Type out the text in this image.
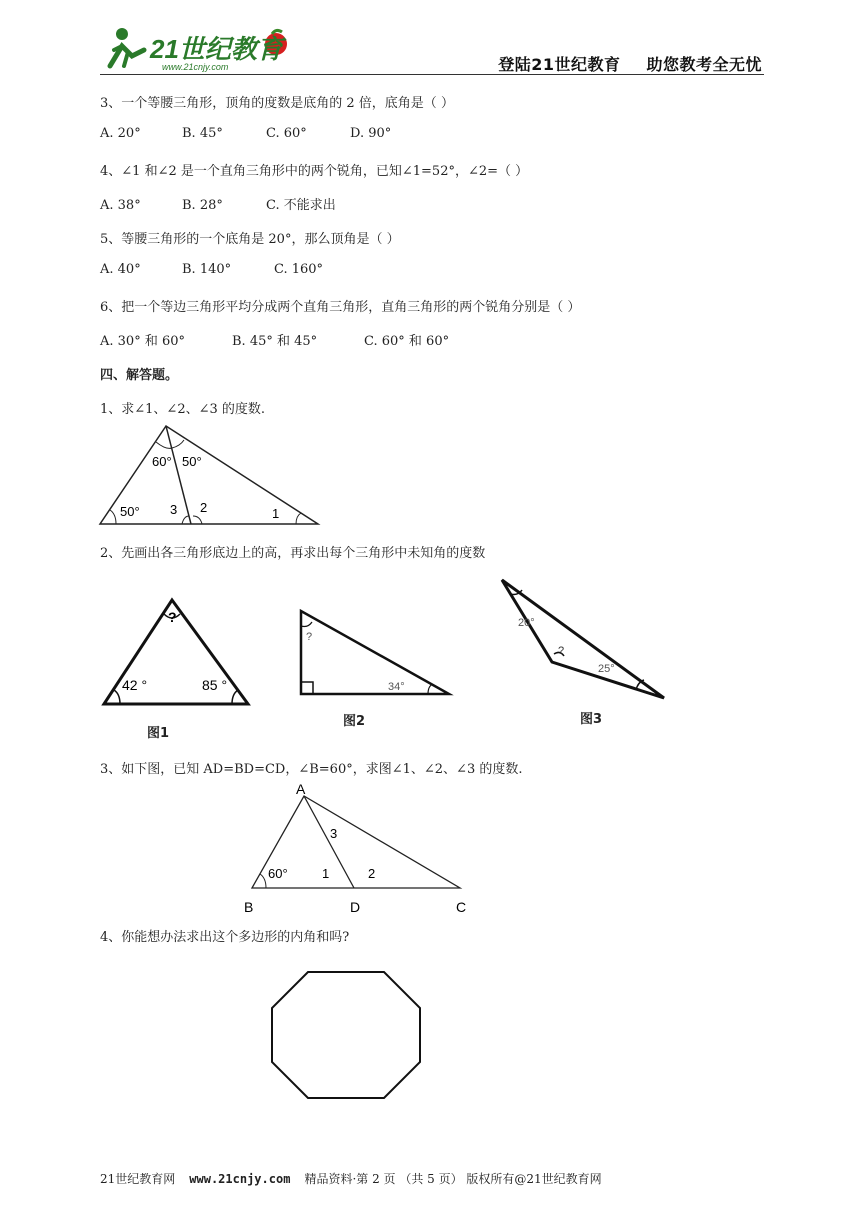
21世纪教育
www.21cnjy.com	登陆21世纪教育 助您教考全无忧
3、一个等腰三角形，顶角的度数是底角的 2 倍，底角是（ ）
A. 20°	B. 45°	C. 60°	D. 90°
4、∠1 和∠2 是一个直角三角形中的两个锐角，已知∠1=52°，∠2=（ ）
A. 38°	B. 28°	C. 不能求出
5、等腰三角形的一个底角是 20°，那么顶角是（ ）
A. 40°	B. 140°	C. 160°
6、把一个等边三角形平均分成两个直角三角形，直角三角形的两个锐角分别是（ ）
A. 30° 和 60°	B. 45° 和 45°	C. 60° 和 60°
四、解答题。
1、求∠1、∠2、∠3 的度数.
60° 50°
50° 3 2	1
2、先画出各三角形底边上的高，再求出每个三角形中未知角的度数
?
42 °	85 °
图1
?
34°
图2
20°
?
25°
图3
3、如下图，已知 AD=BD=CD，∠B=60°，求图∠1、∠2、∠3 的度数.
A
B	D	C
60°	1	2
3
4、你能想办法求出这个多边形的内角和吗?
21世纪教育网 www.21cnjy.com 精品资料·第 2 页 （共 5 页） 版权所有@21世纪教育网
